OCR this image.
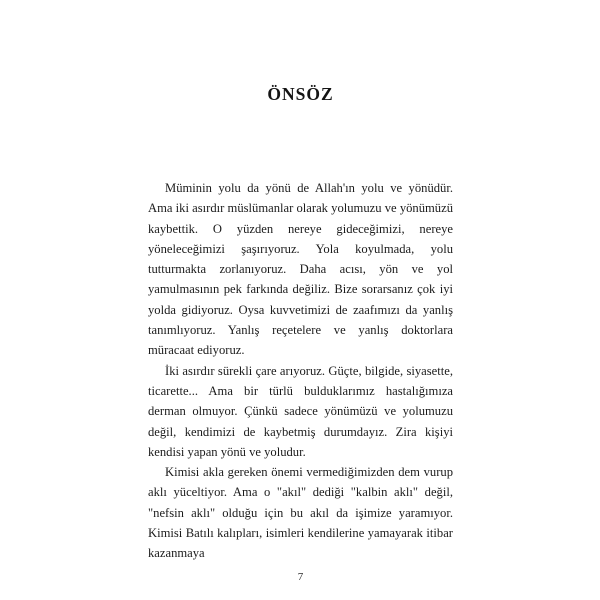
ÖNSÖZ

Müminin yolu da yönü de Allah'ın yolu ve yönüdür. Ama iki asırdır müslümanlar olarak yolumuzu ve yönümüzü kaybettik. O yüzden nereye gideceğimizi, nereye yöneleceğimizi şaşırıyoruz. Yola koyulmada, yolu tutturmakta zorlanıyoruz. Daha acısı, yön ve yol yamulmasının pek farkında değiliz. Bize sorarsanız çok iyi yolda gidiyoruz. Oysa kuvvetimizi de zaafımızı da yanlış tanımlıyoruz. Yanlış reçetelere ve yanlış doktorlara müracaat ediyoruz.

İki asırdır sürekli çare arıyoruz. Güçte, bilgide, siyasette, ticarette... Ama bir türlü bulduklarımız hastalığımıza derman olmuyor. Çünkü sadece yönümüzü ve yolumuzu değil, kendimizi de kaybetmiş durumdayız. Zira kişiyi kendisi yapan yönü ve yoludur.

Kimisi akla gereken önemi vermediğimizden dem vurup aklı yüceltiyor. Ama o "akıl" dediği "kalbin aklı" değil, "nefsin aklı" olduğu için bu akıl da işimize yaramıyor. Kimisi Batılı kalıpları, isimleri kendilerine yamayarak itibar kazanmaya

7
